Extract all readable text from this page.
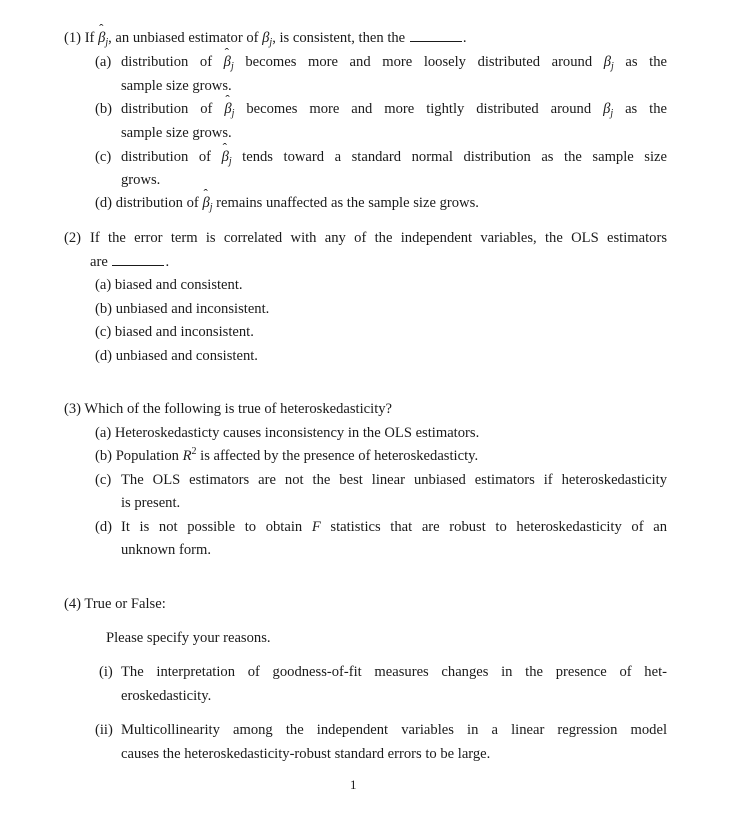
(1) If ˆ $\beta_j$, an unbiased estimator of $\beta_j$, is consistent, then the	.
(a) distribution of ˆ $\beta_j$ becomes more and more loosely distributed around $\beta_j$ as the
sample size grows.
(b) distribution of ˆ $\beta_j$ becomes more and more tightly distributed around $\beta_j$ as the
sample size grows.
(c) distribution of ˆ $\beta_j$ tends toward a standard normal distribution as the sample size
grows.
(d) distribution of ˆ $\beta_j$ remains unaffected as the sample size grows.
(2) If the error term is correlated with any of the independent variables, the OLS estimators
are	.
(a) biased and consistent.
(b) unbiased and inconsistent.
(c) biased and inconsistent.
(d) unbiased and consistent.
(3) Which of the following is true of heteroskedasticity?
(a) Heteroskedasticty causes inconsistency in the OLS estimators.
(b) Population $R^2$ is affected by the presence of heteroskedasticty.
(c) The OLS estimators are not the best linear unbiased estimators if heteroskedasticity
is present.
(d) It is not possible to obtain F statistics that are robust to heteroskedasticity of an
unknown form.
(4) True or False:
Please specify your reasons.
(i) The interpretation of goodness-of-fit measures changes in the presence of het-
eroskedasticity.
(ii) Multicollinearity among the independent variables in a linear regression model
causes the heteroskedasticity-robust standard errors to be large.
1
